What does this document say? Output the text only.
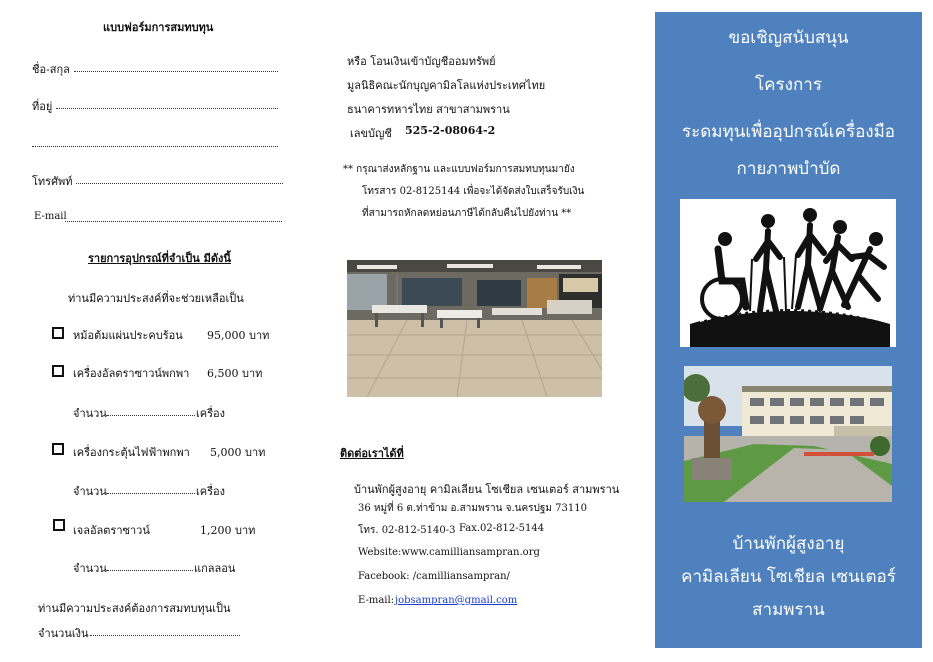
แบบฟอร์มการสมทบทุน
ชื่อ-สกุล
ที่อยู่
โทรศัพท์
E-mail
รายการอุปกรณ์ที่จำเป็น มีดังนี้
ท่านมีความประสงค์ที่จะช่วยเหลือเป็น
หม้อต้มแผ่นประคบร้อน 95,000 บาท
เครื่องอัลตราซาวน์พกพา 6,500 บาท
จำนวน	เครื่อง
เครื่องกระตุ้นไฟฟ้าพกพา 5,000 บาท
จำนวน	เครื่อง
เจลอัลตราซาวน์	1,200 บาท
จำนวน	แกลลอน
ท่านมีความประสงค์ต้องการสมทบทุนเป็น
จำนวนเงิน
หรือ โอนเงินเข้าบัญชีออมทรัพย์
มูลนิธิคณะนักบุญคามิลโลแห่งประเทศไทย
ธนาคารทหารไทย สาขาสามพราน
เลขบัญชี 525-2-08064-2
** กรุณาส่งหลักฐาน และแบบฟอร์มการสมทบทุนมายัง
โทรสาร 02-8125144 เพื่อจะได้จัดส่งใบเสร็จรับเงิน
ที่สามารถหักลดหย่อนภาษีได้กลับคืนไปยังท่าน **
ติดต่อเราได้ที่
บ้านพักผู้สูงอายุ คามิลเลียน โซเชียล เซนเตอร์ สามพราน
36 หมู่ที่ 6 ต.ท่าข้าม อ.สามพราน จ.นครปฐม 73110
โทร. 02-812-5140-3 Fax.02-812-5144
Website:www.camilliansampran.org
Facebook: /camilliansampran/
E-mail: jobsampran@gmail.com
ขอเชิญสนับสนุน
โครงการ
ระดมทุนเพื่ออุปกรณ์เครื่องมือ
กายภาพบำบัด
บ้านพักผู้สูงอายุ
คามิลเลียน โซเชียล เซนเตอร์
สามพราน
